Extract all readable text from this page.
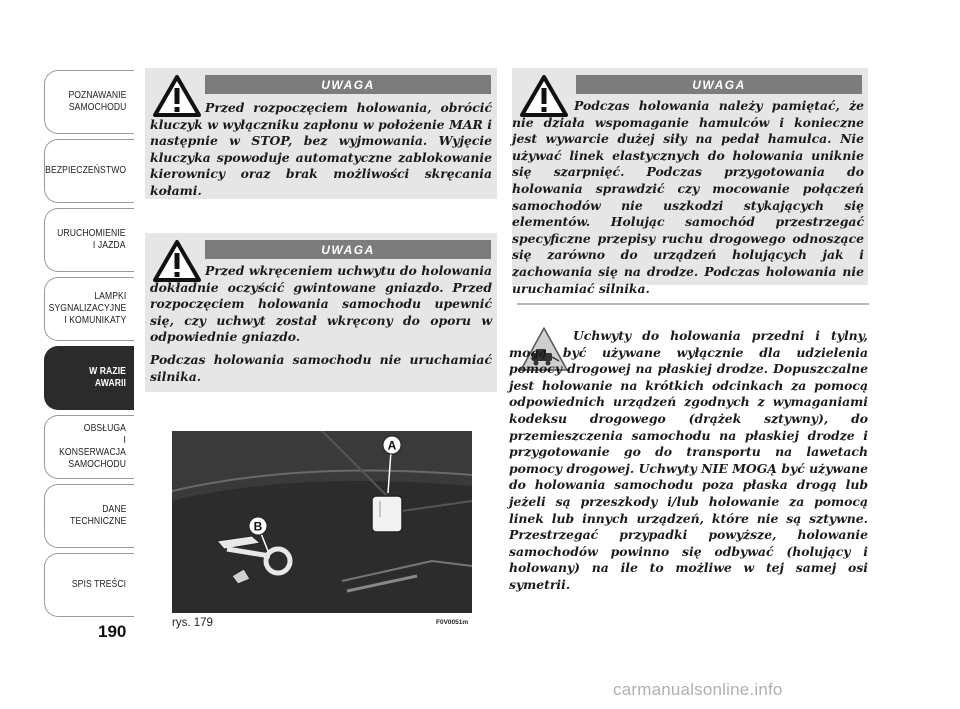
POZNAWANIE
SAMOCHODU
BEZPIECZEŃSTWO
URUCHOMIENIE
I JAZDA
LAMPKI
SYGNALIZACYJNE
I KOMUNIKATY
W RAZIE AWARII
OBSŁUGA
I KONSERWACJA
SAMOCHODU
DANE
TECHNICZNE
SPIS TREŚCI
190
UWAGA

Przed rozpoczęciem holowania, obrócić kluczyk w wyłączniku zapłonu w położenie MAR i następnie w STOP, bez wyjmowania. Wyjęcie kluczyka spowoduje automatyczne zablokowanie kierownicy oraz brak możliwości skręcania kołami.

UWAGA

Przed wkręceniem uchwytu do holowania dokładnie oczyścić gwintowane gniazdo. Przed rozpoczęciem holowania samochodu upewnić się, czy uchwyt został wkręcony do oporu w odpowiednie gniazdo.

Podczas holowania samochodu nie uruchamiać silnika.

UWAGA

Podczas holowania należy pamiętać, że nie działa wspomaganie hamulców i konieczne jest wywarcie dużej siły na pedał hamulca. Nie używać linek elastycznych do holowania uniknie się szarpnięć. Podczas przygotowania do holowania sprawdzić czy mocowanie połączeń samochodów nie uszkodzi stykających się elementów. Holując samochód przestrzegać specyficzne przepisy ruchu drogowego odnoszące się zarówno do urządzeń holujących jak i zachowania się na drodze. Podczas holowania nie uruchamiać silnika.

Uchwyty do holowania przedni i tylny, mogą być używane wyłącznie dla udzielenia pomocy drogowej na płaskiej drodze. Dopuszczalne jest holowanie na krótkich odcinkach za pomocą odpowiednich urządzeń zgodnych z wymaganiami kodeksu drogowego (drążek sztywny), do przemieszczenia samochodu na płaskiej drodze i przygotowanie go do transportu na lawetach pomocy drogowej. Uchwyty NIE MOGĄ być używane do holowania samochodu poza płaska drogą lub jeżeli są przeszkody i/lub holowanie za pomocą linek lub innych urządzeń, które nie są sztywne. Przestrzegać przypadki powyższe, holowanie samochodów powinno się odbywać (holujący i holowany) na ile to możliwe w tej samej osi symetrii.
A
B
rys. 179	F0V0051m
carmanualsonline.info
